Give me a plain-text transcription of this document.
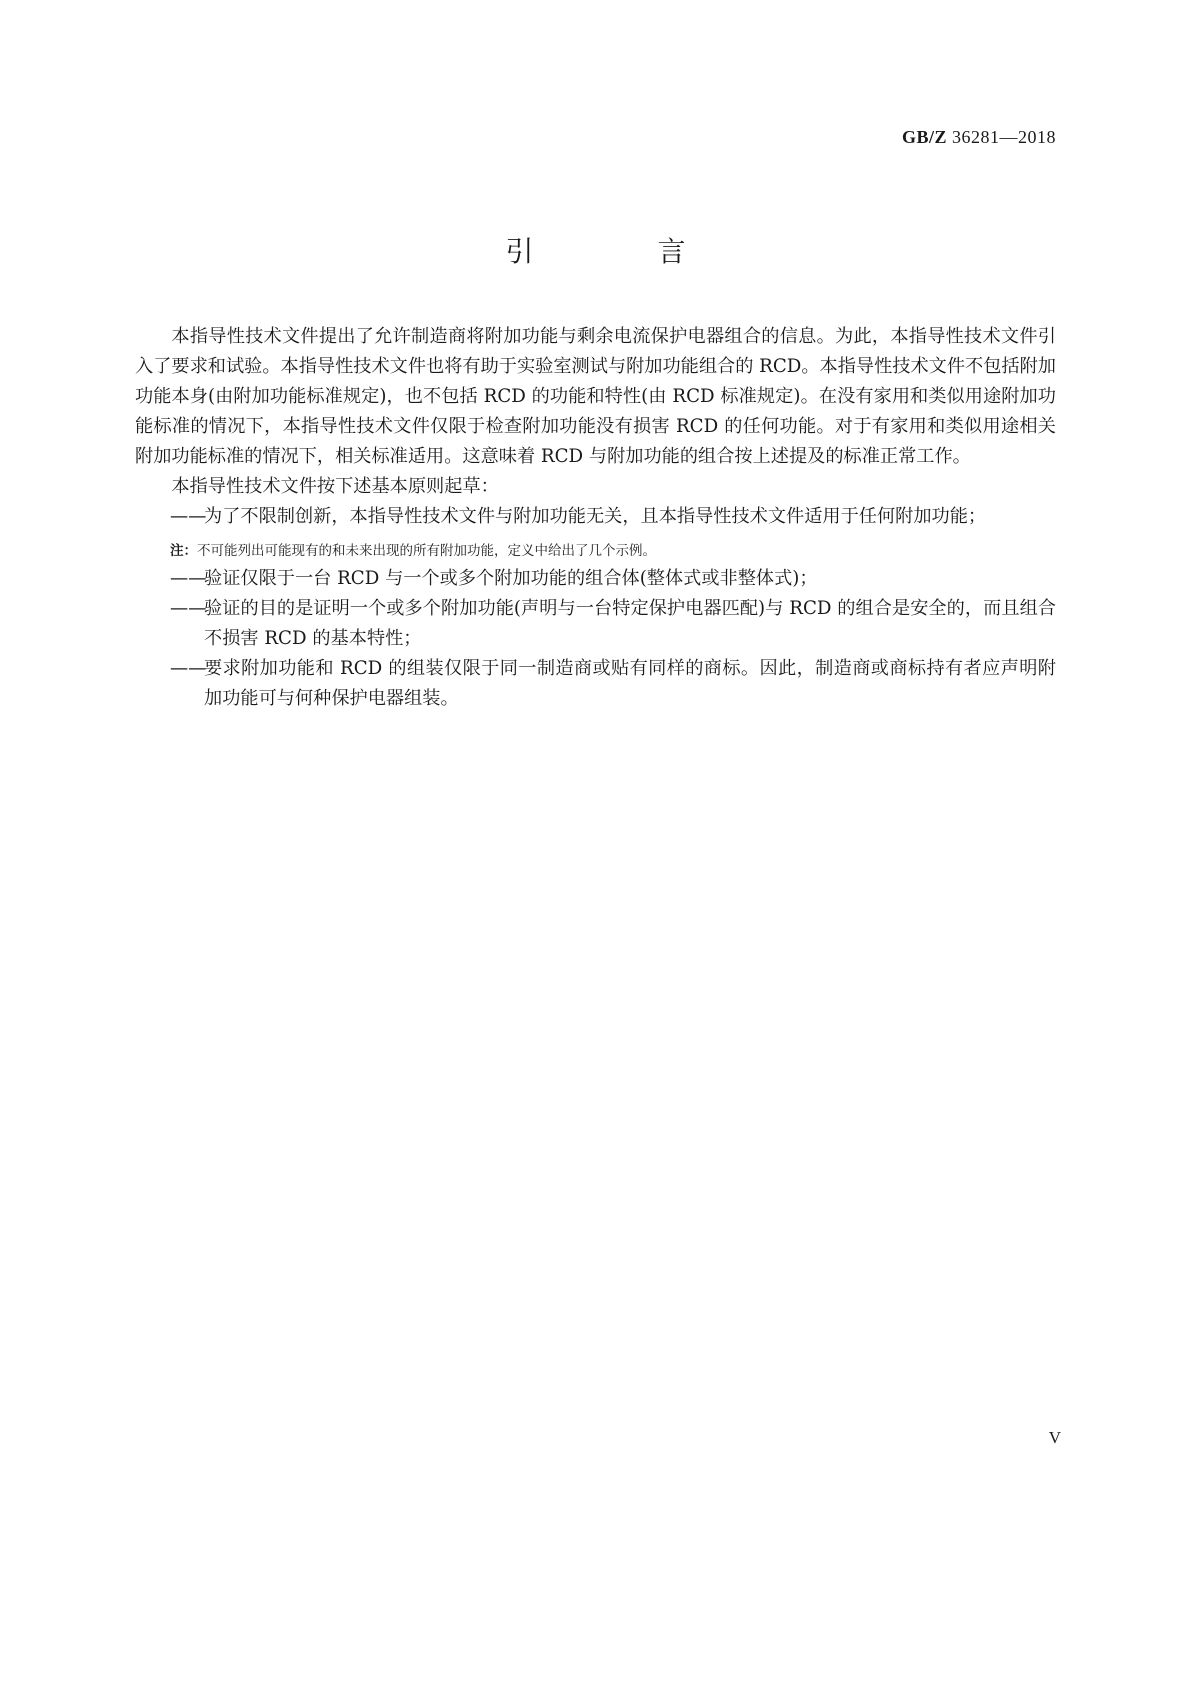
GB/Z 36281—2018
引　言

本指导性技术文件提出了允许制造商将附加功能与剩余电流保护电器组合的信息。为此，本指导性技术文件引入了要求和试验。本指导性技术文件也将有助于实验室测试与附加功能组合的 RCD。本指导性技术文件不包括附加功能本身(由附加功能标准规定)，也不包括 RCD 的功能和特性(由 RCD 标准规定)。在没有家用和类似用途附加功能标准的情况下，本指导性技术文件仅限于检查附加功能没有损害 RCD 的任何功能。对于有家用和类似用途相关附加功能标准的情况下，相关标准适用。这意味着 RCD 与附加功能的组合按上述提及的标准正常工作。

本指导性技术文件按下述基本原则起草：

——
为了不限制创新，本指导性技术文件与附加功能无关，且本指导性技术文件适用于任何附加功能；
注：不可能列出可能现有的和未来出现的所有附加功能，定义中给出了几个示例。
——
验证仅限于一台 RCD 与一个或多个附加功能的组合体(整体式或非整体式)；
——
验证的目的是证明一个或多个附加功能(声明与一台特定保护电器匹配)与 RCD 的组合是安全的，而且组合不损害 RCD 的基本特性；
——
要求附加功能和 RCD 的组装仅限于同一制造商或贴有同样的商标。因此，制造商或商标持有者应声明附加功能可与何种保护电器组装。
V
